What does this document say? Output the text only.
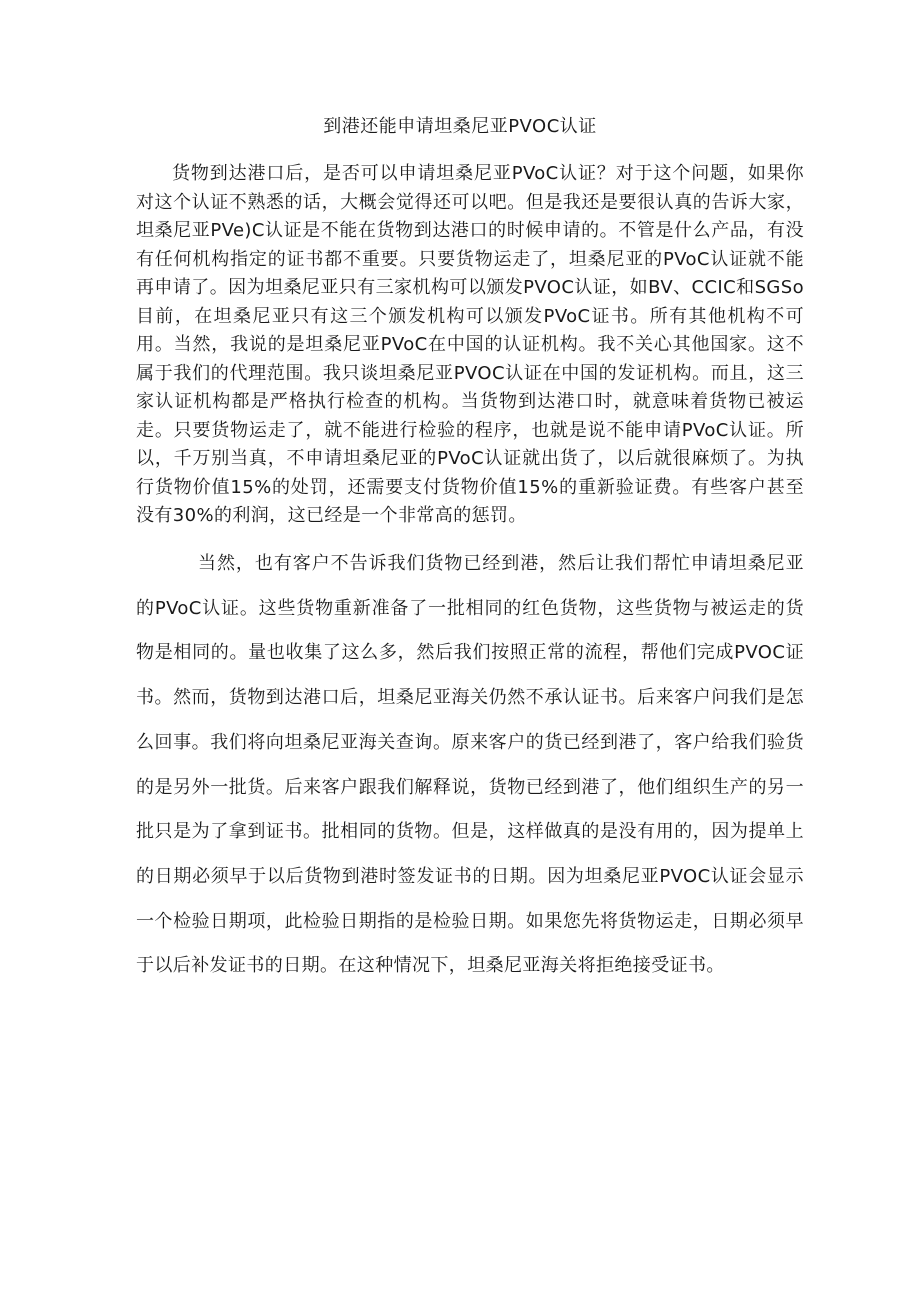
到港还能申请坦桑尼亚PVOC认证

货物到达港口后，是否可以申请坦桑尼亚PVoC认证？对于这个问题，如果你对这个认证不熟悉的话，大概会觉得还可以吧。但是我还是要很认真的告诉大家，坦桑尼亚PVe)C认证是不能在货物到达港口的时候申请的。不管是什么产品，有没有任何机构指定的证书都不重要。只要货物运走了，坦桑尼亚的PVoC认证就不能再申请了。因为坦桑尼亚只有三家机构可以颁发PVOC认证，如BV、CCIC和SGSo目前，在坦桑尼亚只有这三个颁发机构可以颁发PVoC证书。所有其他机构不可用。当然，我说的是坦桑尼亚PVoC在中国的认证机构。我不关心其他国家。这不属于我们的代理范围。我只谈坦桑尼亚PVOC认证在中国的发证机构。而且，这三家认证机构都是严格执行检查的机构。当货物到达港口时，就意味着货物已被运走。只要货物运走了，就不能进行检验的程序，也就是说不能申请PVoC认证。所以，千万别当真，不申请坦桑尼亚的PVoC认证就出货了，以后就很麻烦了。为执行货物价值15%的处罚，还需要支付货物价值15%的重新验证费。有些客户甚至没有30%的利润，这已经是一个非常高的惩罚。

当然，也有客户不告诉我们货物已经到港，然后让我们帮忙申请坦桑尼亚的PVoC认证。这些货物重新准备了一批相同的红色货物，这些货物与被运走的货物是相同的。量也收集了这么多，然后我们按照正常的流程，帮他们完成PVOC证书。然而，货物到达港口后，坦桑尼亚海关仍然不承认证书。后来客户问我们是怎么回事。我们将向坦桑尼亚海关查询。原来客户的货已经到港了，客户给我们验货的是另外一批货。后来客户跟我们解释说，货物已经到港了，他们组织生产的另一批只是为了拿到证书。批相同的货物。但是，这样做真的是没有用的，因为提单上的日期必须早于以后货物到港时签发证书的日期。因为坦桑尼亚PVOC认证会显示一个检验日期项，此检验日期指的是检验日期。如果您先将货物运走，日期必须早于以后补发证书的日期。在这种情况下，坦桑尼亚海关将拒绝接受证书。
